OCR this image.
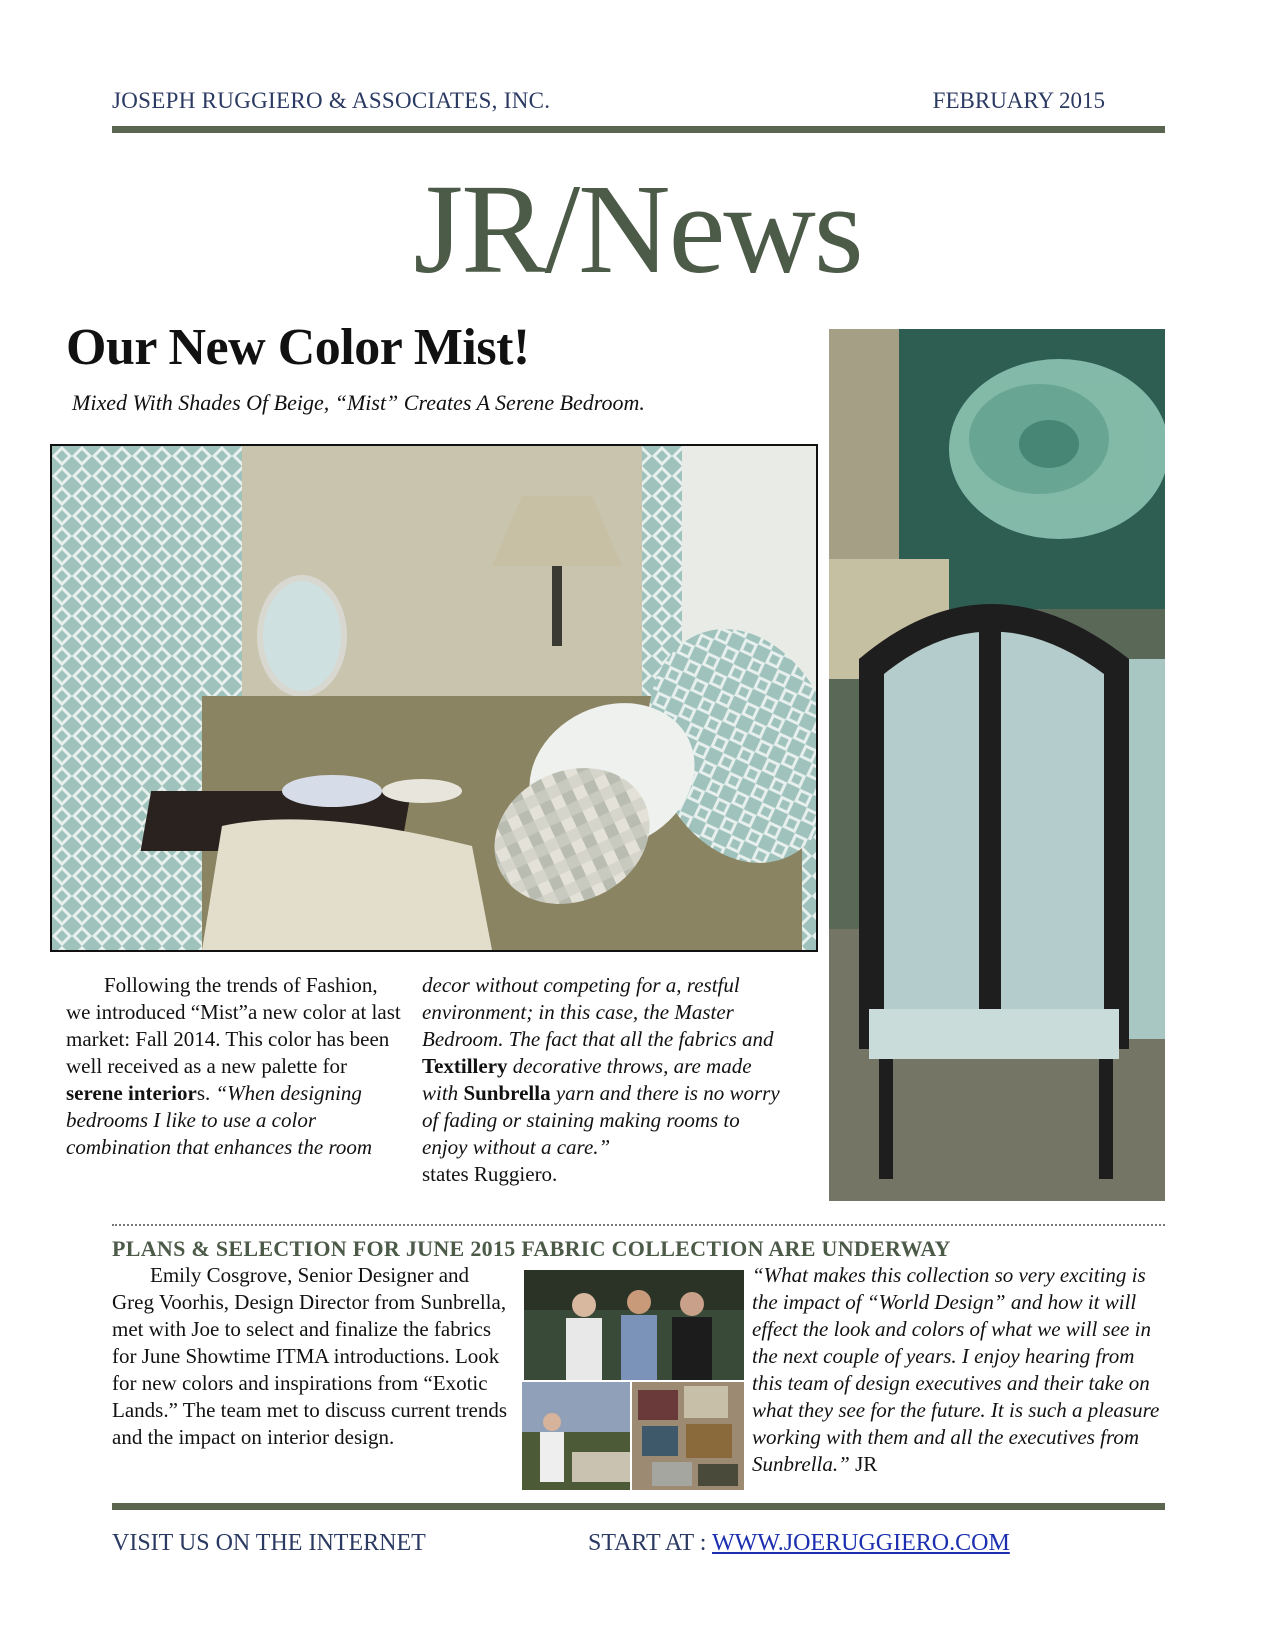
JOSEPH RUGGIERO & ASSOCIATES, INC.	FEBRUARY 2015
JR/News
Our New Color Mist!
Mixed With Shades Of Beige, “Mist” Creates A Serene Bedroom.
Following the trends of Fashion, we introduced “Mist”a new color at last market: Fall 2014. This color has been well received as a new palette for serene interiors. “When designing bedrooms I like to use a color combination that enhances the room
decor without competing for a, restful environment; in this case, the Master Bedroom. The fact that all the fabrics and Textillery decorative throws, are made with Sunbrella yarn and there is no worry of fading or staining making rooms to enjoy without a care.”
states Ruggiero.
PLANS & SELECTION FOR JUNE 2015 FABRIC COLLECTION ARE UNDERWAY
Emily Cosgrove, Senior Designer and Greg Voorhis, Design Director from Sunbrella, met with Joe to select and finalize the fabrics for June Showtime ITMA introductions. Look for new colors and inspirations from “Exotic Lands.” The team met to discuss current trends and the impact on interior design.
“What makes this collection so very exciting is the impact of “World Design” and how it will effect the look and colors of what we will see in the next couple of years. I enjoy hearing from this team of design executives and their take on what they see for the future. It is such a pleasure working with them and all the executives from Sunbrella.” JR
VISIT US ON THE INTERNET	START AT : WWW.JOERUGGIERO.COM
